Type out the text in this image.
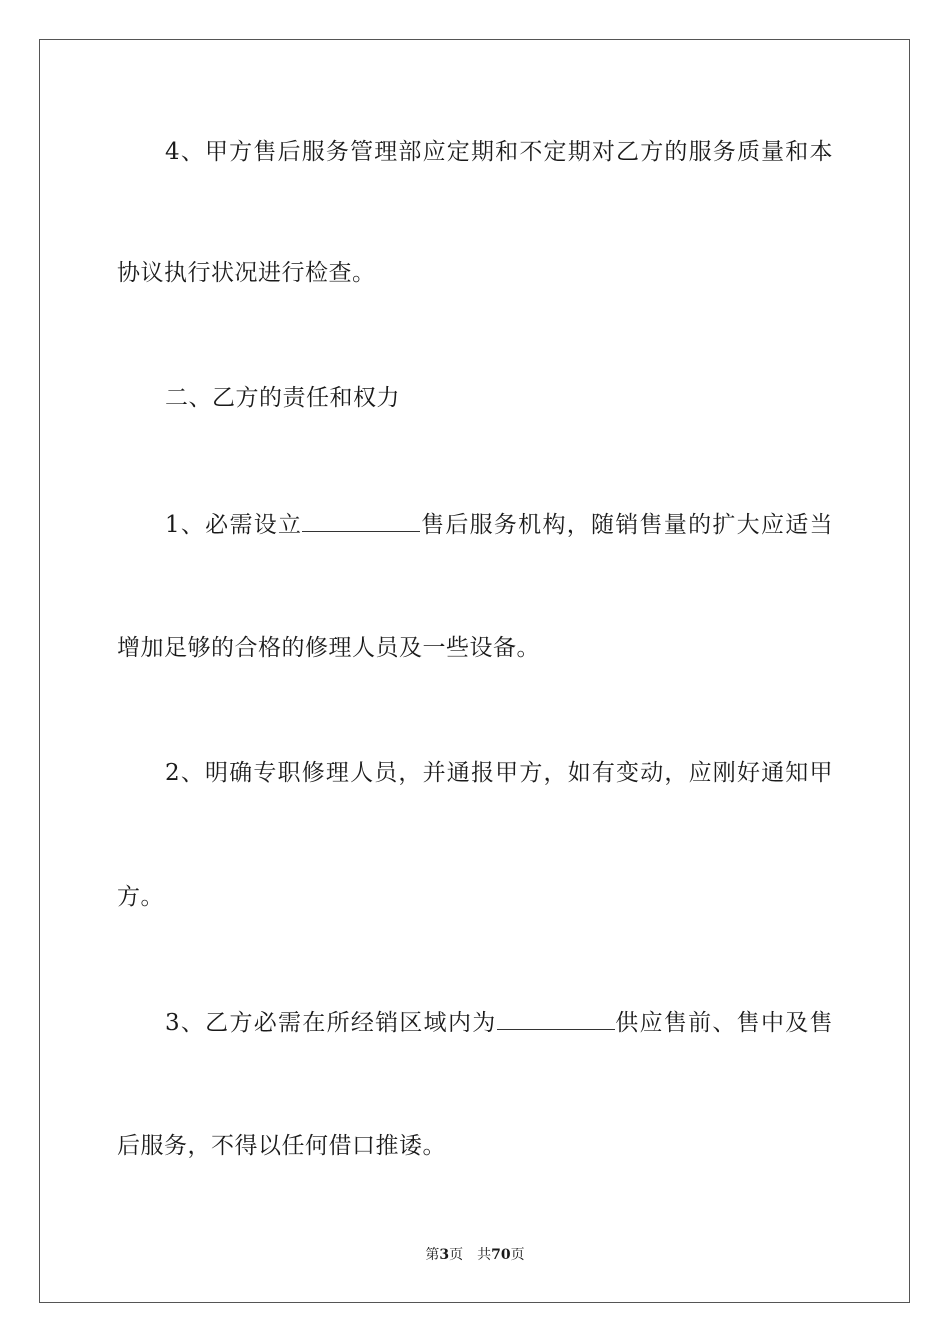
4、甲方售后服务管理部应定期和不定期对乙方的服务质量和本
协议执行状况进行检查。
二、乙方的责任和权力
1、必需设立	售后服务机构，随销售量的扩大应适当
增加足够的合格的修理人员及一些设备。
2、明确专职修理人员，并通报甲方，如有变动，应刚好通知甲
方。
3、乙方必需在所经销区域内为	供应售前、售中及售
后服务，不得以任何借口推诿。
第3页 共70页
